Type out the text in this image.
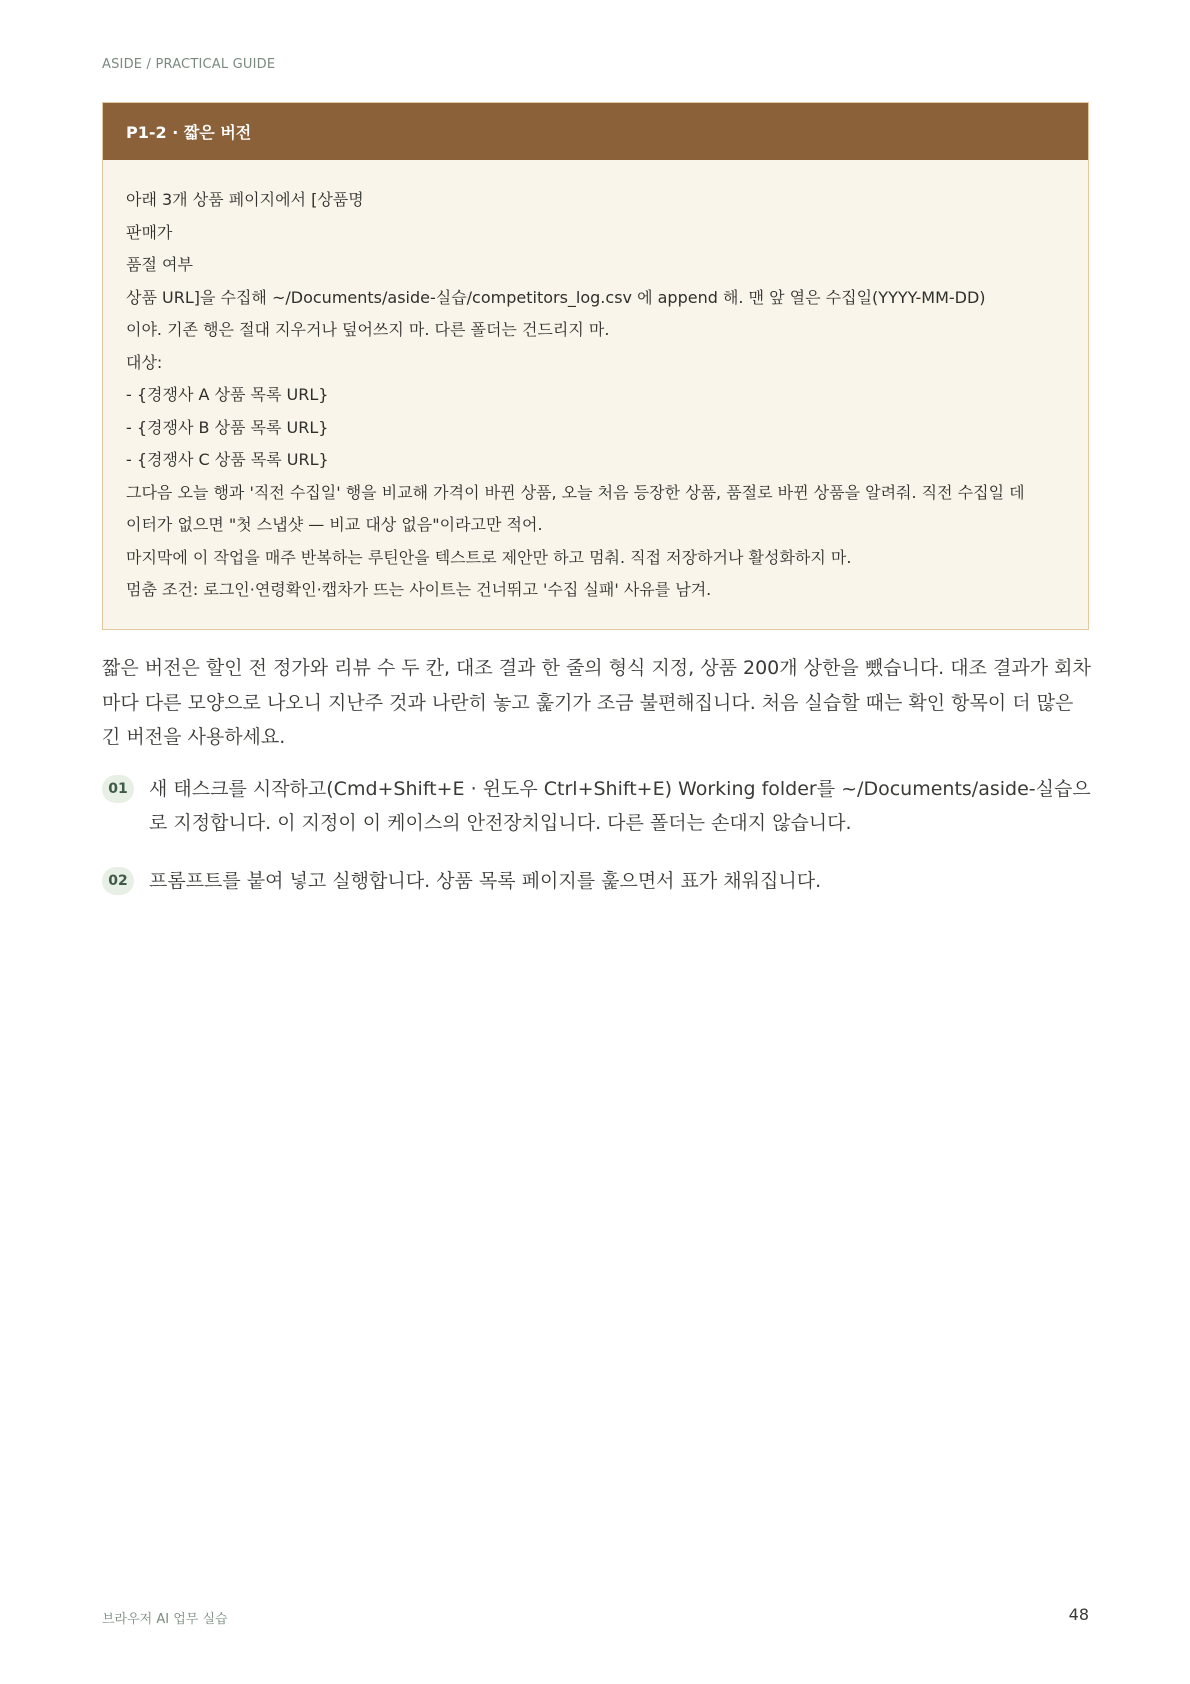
ASIDE / PRACTICAL GUIDE
P1-2 · 짧은 버전
아래 3개 상품 페이지에서 [상품명
판매가
품절 여부
상품 URL]을 수집해 ~/Documents/aside-실습/competitors_log.csv 에 append 해. 맨 앞 열은 수집일(YYYY-MM-DD)
이야. 기존 행은 절대 지우거나 덮어쓰지 마. 다른 폴더는 건드리지 마.
대상:
- {경쟁사 A 상품 목록 URL}
- {경쟁사 B 상품 목록 URL}
- {경쟁사 C 상품 목록 URL}
그다음 오늘 행과 '직전 수집일' 행을 비교해 가격이 바뀐 상품, 오늘 처음 등장한 상품, 품절로 바뀐 상품을 알려줘. 직전 수집일 데
이터가 없으면 "첫 스냅샷 — 비교 대상 없음"이라고만 적어.
마지막에 이 작업을 매주 반복하는 루틴안을 텍스트로 제안만 하고 멈춰. 직접 저장하거나 활성화하지 마.
멈춤 조건: 로그인·연령확인·캡차가 뜨는 사이트는 건너뛰고 '수집 실패' 사유를 남겨.
짧은 버전은 할인 전 정가와 리뷰 수 두 칸, 대조 결과 한 줄의 형식 지정, 상품 200개 상한을 뺐습니다. 대조 결과가 회차마다 다른 모양으로 나오니 지난주 것과 나란히 놓고 훑기가 조금 불편해집니다. 처음 실습할 때는 확인 항목이 더 많은 긴 버전을 사용하세요.
01	새 태스크를 시작하고(Cmd+Shift+E · 윈도우 Ctrl+Shift+E) Working folder를 ~/Documents/aside-실습으로 지정합니다. 이 지정이 이 케이스의 안전장치입니다. 다른 폴더는 손대지 않습니다.
02	프롬프트를 붙여 넣고 실행합니다. 상품 목록 페이지를 훑으면서 표가 채워집니다.
브라우저 AI 업무 실습	48
